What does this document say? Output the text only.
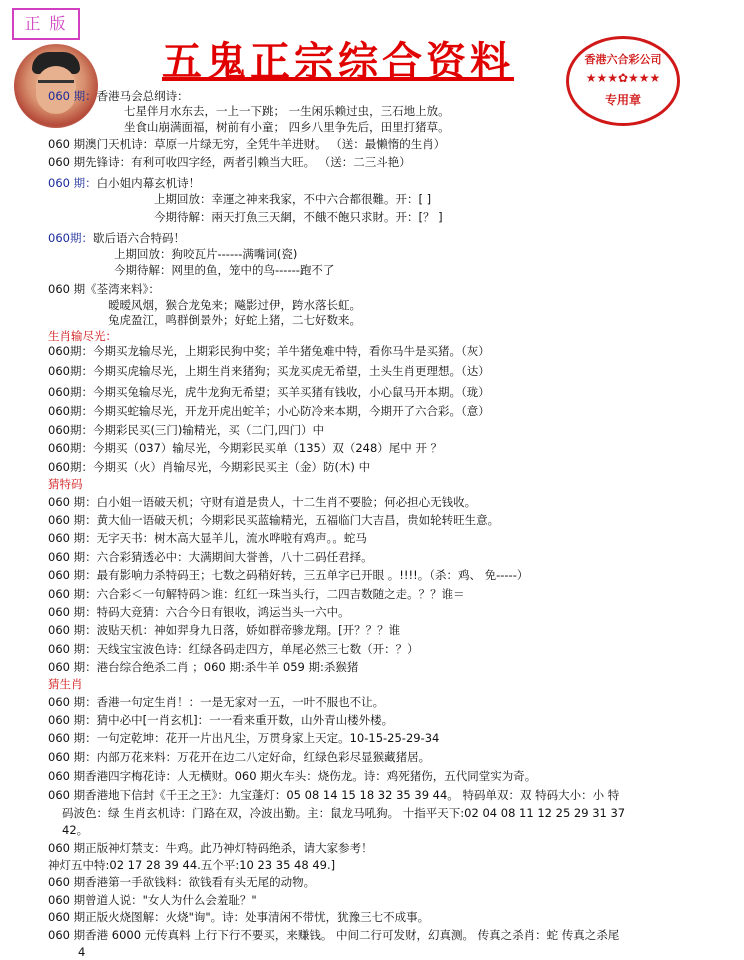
正 版
五鬼正宗综合资料	香港六合彩公司
★★★✿★★★
专用章
060 期：香港马会总纲诗：
七星伴月水东去，一上一下跳； 一生闲乐赖过虫，三石地上放。
坐食山崩满面福，树前有小童； 四乡八里争先后，田里打猪草。
060 期澳门天机诗：草原一片绿无穷，全凭牛羊进财。 （送：最懒惰的生肖）
060 期先锋诗：有利可收四字经，两者引赖当大旺。 （送：二三斗艳）
060 期：白小姐内幕玄机诗！
上期回放：幸運之神来我家，不中六合都很難。开：[ ]
今期待解：兩天打魚三天網，不餓不飽只求財。开：[？ ]
060期：歇后语六合特码！
上期回放：狗咬瓦片------满嘴词(瓷)
今期待解：网里的鱼，笼中的鸟------跑不了
060 期《荃湾来料》：
暧暧风烟，猴合龙兔来；飚影过伊，跨水落长虹。
兔虎盈江，鸣群倒景外；好蛇上猪，二七好数来。
生肖输尽光：
060期：今期买龙输尽光，上期彩民狗中奖；羊牛猪兔难中特，看你马牛是买猪。（灰）
060期：今期买虎输尽光，上期生肖来猪狗；买龙买虎无希望，土头生肖更理想。（达）
060期：今期买兔输尽光，虎牛龙狗无希望；买羊买猪有钱收，小心鼠马开本期。（珑）
060期：今期买蛇输尽光，开龙开虎出蛇羊；小心防冷来本期，今期开了六合彩。（意）
060期：今期彩民买(三门)输精光，买（二门,四门）中
060期：今期买（037）输尽光，今期彩民买单（135）双（248）尾中 开 ？
060期：今期买（火）肖输尽光，今期彩民买主（金）防(木) 中
猜特码
060 期：白小姐一语破天机；守财有道是贵人，十二生肖不要脸；何必担心无钱收。
060 期：黄大仙一语破天机；今期彩民买蓝输精光，五福临门大吉昌，贵如轮转旺生意。
060 期：无字天书：树木高大显羊儿，流水哗啦有鸡声。。蛇马
060 期：六合彩猜透必中：大满期间大誉善，八十二码任君择。
060 期：最有影响力杀特码王；七数之码稍好转，三五单字已开眼 。!!!!。（杀：鸡、 免-----）
060 期：六合彩＜一句解特码＞谁：红红一珠当头行，二四吉数随之走。？？谁＝
060 期：特码大竞猜：六合今日有银收，鸿运当头一六中。
060 期：波贴天机：神如羿身九日落，娇如群帝骖龙翔。[开？？？谁
060 期：天线宝宝波色诗：红绿各码走四方，单尾必然三七数（开：？）
060 期：港台综合绝杀二肖 ；060 期:杀牛羊 059 期:杀猴猪
猜生肖
060 期：香港一句定生肖！：一是无家对一五，一叶不服也不让。
060 期：猜中必中[一肖玄机]：一一看来重开数，山外青山楼外楼。
060 期：一句定乾坤：花开一片出凡尘，万贯身家上天定。10-15-25-29-34
060 期：内部万花来料：万花开在边二八定好命，红绿色彩尽显猴藏猪居。
060 期香港四字梅花诗：人无横财。060 期火车头：烧伤龙。诗：鸡死猪伤，五代同堂实为奇。
060 期香港地下信封《千王之王》：九宝蓬灯：05 08 14 15 18 32 35 39 44。 特码单双：双 特码大小：小 特
码波色：绿 生肖玄机诗：门路在双，冷波出勤。主：鼠龙马吼狗。 十指平天下:02 04 08 11 12 25 29 31 37
42。
060 期正版神灯禁支：牛鸡。此乃神灯特码绝杀，请大家参考！
神灯五中特:02 17 28 39 44.五个平:10 23 35 48 49.]
060 期香港第一手欲钱料：欲钱看有头无尾的动物。
060 期曾道人说："女人为什么会羞耻？"
060 期正版火烧图解：火烧"询"。诗：处事清闲不带忧，犹豫三七不成事。
060 期香港 6000 元传真料 上行下行不要买，来赚钱。 中间二行可发财，幻真测。 传真之杀肖：蛇 传真之杀尾
4
